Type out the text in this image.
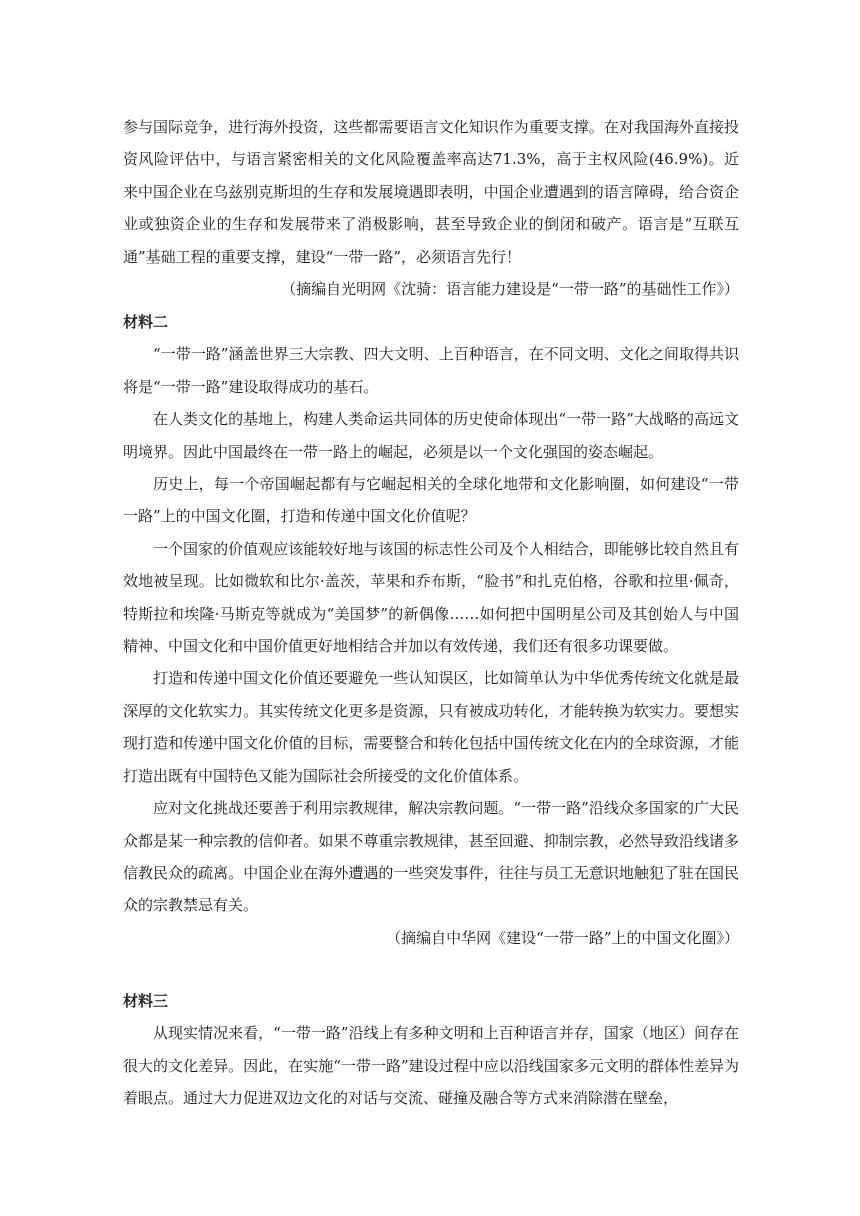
参与国际竞争，进行海外投资，这些都需要语言文化知识作为重要支撑。在对我国海外直接投资风险评估中，与语言紧密相关的文化风险覆盖率高达71.3%，高于主权风险(46.9%)。近来中国企业在乌兹别克斯坦的生存和发展境遇即表明，中国企业遭遇到的语言障碍，给合资企业或独资企业的生存和发展带来了消极影响，甚至导致企业的倒闭和破产。语言是“互联互通”基础工程的重要支撑，建设“一带一路”，必须语言先行！

（摘编自光明网《沈骑：语言能力建设是“一带一路”的基础性工作》）

材料二

“一带一路”涵盖世界三大宗教、四大文明、上百种语言，在不同文明、文化之间取得共识将是“一带一路”建设取得成功的基石。

在人类文化的基地上，构建人类命运共同体的历史使命体现出“一带一路”大战略的高远文明境界。因此中国最终在一带一路上的崛起，必须是以一个文化强国的姿态崛起。

历史上，每一个帝国崛起都有与它崛起相关的全球化地带和文化影响圈，如何建设“一带一路”上的中国文化圈，打造和传递中国文化价值呢？

一个国家的价值观应该能较好地与该国的标志性公司及个人相结合，即能够比较自然且有效地被呈现。比如微软和比尔·盖茨，苹果和乔布斯，“脸书”和扎克伯格，谷歌和拉里·佩奇，特斯拉和埃隆·马斯克等就成为“美国梦”的新偶像……如何把中国明星公司及其创始人与中国精神、中国文化和中国价值更好地相结合并加以有效传递，我们还有很多功课要做。

打造和传递中国文化价值还要避免一些认知误区，比如简单认为中华优秀传统文化就是最深厚的文化软实力。其实传统文化更多是资源，只有被成功转化，才能转换为软实力。要想实现打造和传递中国文化价值的目标，需要整合和转化包括中国传统文化在内的全球资源，才能打造出既有中国特色又能为国际社会所接受的文化价值体系。

应对文化挑战还要善于利用宗教规律，解决宗教问题。“一带一路”沿线众多国家的广大民众都是某一种宗教的信仰者。如果不尊重宗教规律，甚至回避、抑制宗教，必然导致沿线诸多信教民众的疏离。中国企业在海外遭遇的一些突发事件，往往与员工无意识地触犯了驻在国民众的宗教禁忌有关。

（摘编自中华网《建设“一带一路”上的中国文化圈》）

材料三

从现实情况来看，“一带一路”沿线上有多种文明和上百种语言并存，国家（地区）间存在很大的文化差异。因此，在实施“一带一路”建设过程中应以沿线国家多元文明的群体性差异为着眼点。通过大力促进双边文化的对话与交流、碰撞及融合等方式来消除潜在壁垒，
